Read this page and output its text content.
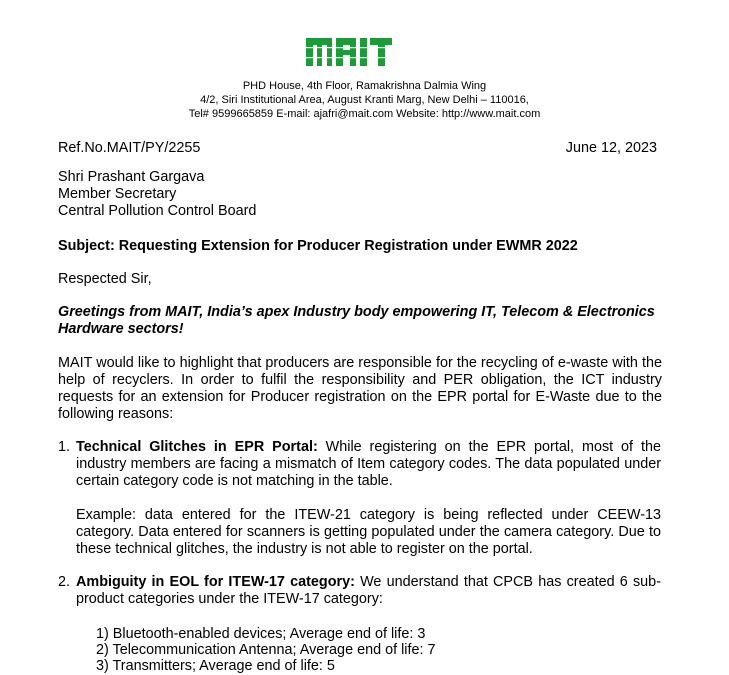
PHD House, 4th Floor, Ramakrishna Dalmia Wing
4/2, Siri Institutional Area, August Kranti Marg, New Delhi – 110016,
Tel# 9599665859 E-mail: ajafri@mait.com Website: http://www.mait.com
Ref.No.MAIT/PY/2255	June 12, 2023
Shri Prashant Gargava
Member Secretary
Central Pollution Control Board
Subject: Requesting Extension for Producer Registration under EWMR 2022
Respected Sir,
Greetings from MAIT, India’s apex Industry body empowering IT, Telecom & Electronics Hardware sectors!
MAIT would like to highlight that producers are responsible for the recycling of e-waste with the help of recyclers. In order to fulfil the responsibility and PER obligation, the ICT industry requests for an extension for Producer registration on the EPR portal for E-Waste due to the following reasons:
1. Technical Glitches in EPR Portal: While registering on the EPR portal, most of the industry members are facing a mismatch of Item category codes. The data populated under certain category code is not matching in the table.
Example: data entered for the ITEW-21 category is being reflected under CEEW-13 category. Data entered for scanners is getting populated under the camera category. Due to these technical glitches, the industry is not able to register on the portal.
2. Ambiguity in EOL for ITEW-17 category: We understand that CPCB has created 6 sub-product categories under the ITEW-17 category:
1) Bluetooth-enabled devices; Average end of life: 3
2) Telecommunication Antenna; Average end of life: 7
3) Transmitters; Average end of life: 5
